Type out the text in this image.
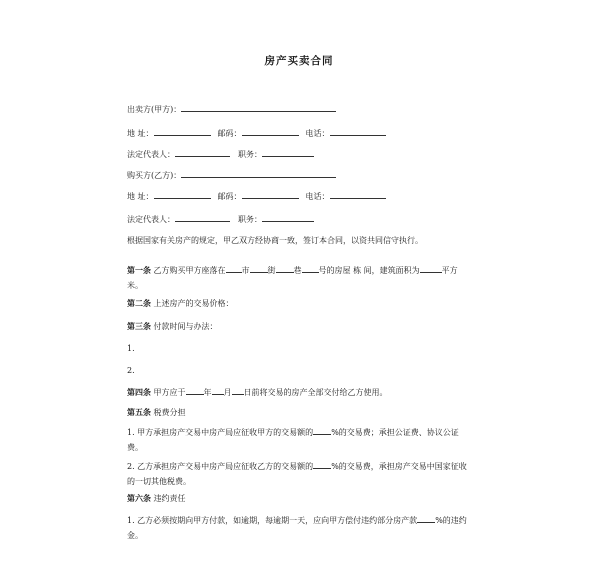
房产买卖合同
出卖方(甲方)：
地 址：	邮码：	电话：
法定代表人：	职务：
购买方(乙方)：
地 址：	邮码：	电话：
法定代表人：	职务：
根据国家有关房产的规定，甲乙双方经协商一致，签订本合同，以资共同信守执行。
第一条 乙方购买甲方座落在 市 街 巷 号的房屋 栋 间，建筑面积为	平方米。
第二条 上述房产的交易价格：
第三条 付款时间与办法：
1.
2.
第四条 甲方应于 年 月 日前将交易的房产全部交付给乙方使用。
第五条 税费分担
1. 甲方承担房产交易中房产局应征收甲方的交易额的 %的交易费；承担公证费、协议公证费。
2. 乙方承担房产交易中房产局应征收乙方的交易额的 %的交易费，承担房产交易中国家征收的一切其他税费。
第六条 违约责任
1. 乙方必须按期向甲方付款，如逾期，每逾期一天，应向甲方偿付违约部分房产款 %的违约金。
